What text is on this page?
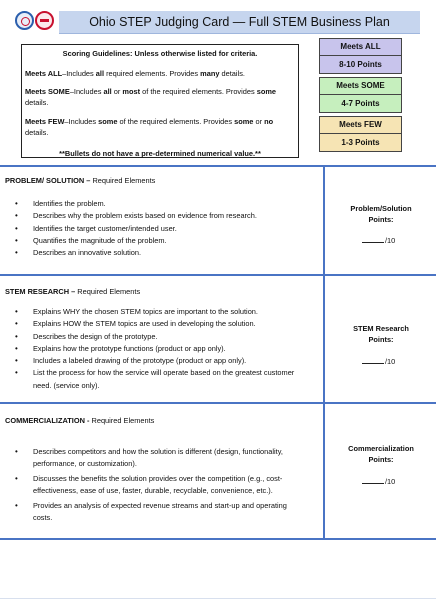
Ohio STEP Judging Card — Full STEM Business Plan
Scoring Guidelines: Unless otherwise listed for criteria.
Meets ALL–Includes all required elements. Provides many details.
Meets SOME–Includes all or most of the required elements. Provides some details.
Meets FEW–Includes some of the required elements. Provides some or no details.
**Bullets do not have a pre-determined numerical value.**
Meets ALL
8-10 Points
Meets SOME
4-7 Points
Meets FEW
1-3 Points
PROBLEM/ SOLUTION – Required Elements
• Identifies the problem.
• Describes why the problem exists based on evidence from research.
• Identifies the target customer/intended user.
• Quantifies the magnitude of the problem.
• Describes an innovative solution.
Problem/Solution
Points:
/10
STEM RESEARCH – Required Elements
• Explains WHY the chosen STEM topics are important to the solution.
• Explains HOW the STEM topics are used in developing the solution.
• Describes the design of the prototype.
• Explains how the prototype functions (product or app only).
• Includes a labeled drawing of the prototype (product or app only).
• List the process for how the service will operate based on the greatest customer need. (service only).
STEM Research
Points:
/10
COMMERCIALIZATION - Required Elements
• Describes competitors and how the solution is different (design, functionality, performance, or customization).
• Discusses the benefits the solution provides over the competition (e.g., cost-effectiveness, ease of use, faster, durable, recyclable, convenience, etc.).
• Provides an analysis of expected revenue streams and start-up and operating costs.
Commercialization
Points:
/10
